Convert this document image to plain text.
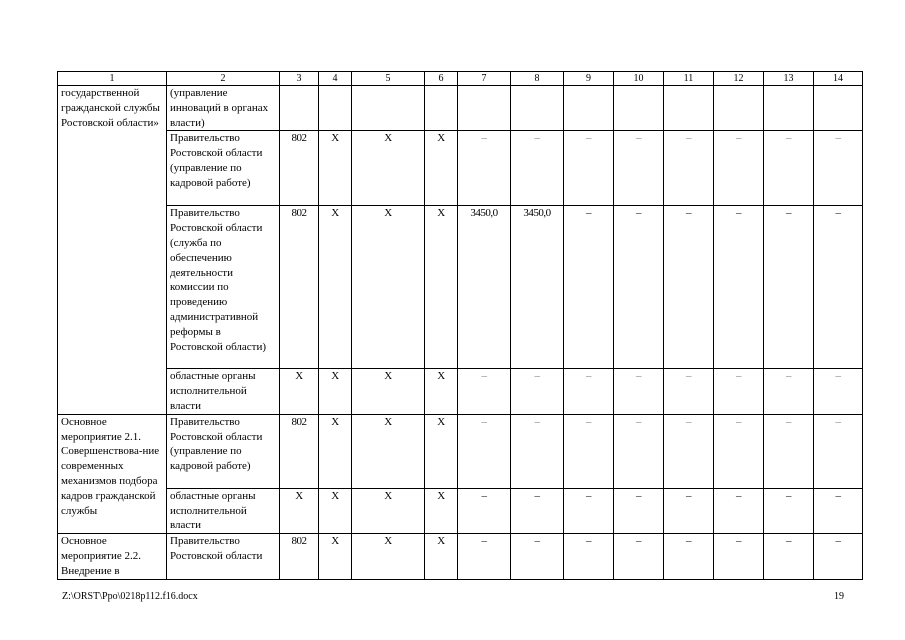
1	2	3	4	5	6	7	8	9	10	11	12	13	14
государственной гражданской службы Ростовской области»	(управление инноваций в органах власти)												
	Правительство Ростовской области (управление по кадровой работе)	802	Х	Х	Х	–	–	–	–	–	–	–	–
	Правительство Ростовской области (служба по обеспечению деятельности комиссии по проведению административной реформы в Ростовской области)	802	Х	Х	Х	3450,0	3450,0	–	–	–	–	–	–
	областные органы исполнительной власти	Х	Х	Х	Х	–	–	–	–	–	–	–	–
Основное мероприятие 2.1. Совершенствова-ние современных механизмов подбора кадров гражданской службы	Правительство Ростовской области (управление по кадровой работе)	802	Х	Х	Х	–	–	–	–	–	–	–	–
	областные органы исполнительной власти	Х	Х	Х	Х	–	–	–	–	–	–	–	–
Основное мероприятие 2.2. Внедрение в	Правительство Ростовской области	802	Х	Х	Х	–	–	–	–	–	–	–	–
Z:\ORST\Ppo\0218p112.f16.docx	19
